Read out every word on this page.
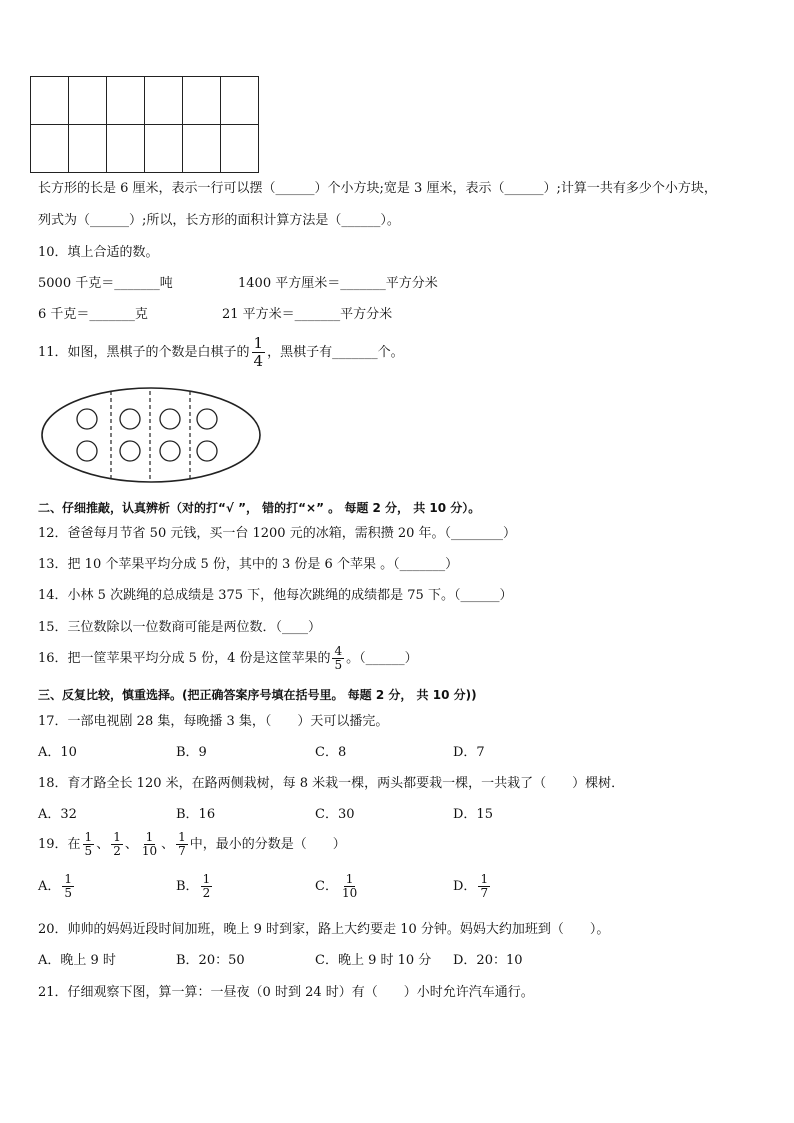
长方形的长是 6 厘米，表示一行可以摆（______）个小方块;宽是 3 厘米，表示（______）;计算一共有多少个小方块，
列式为（______）;所以，长方形的面积计算方法是（______）。
10．填上合适的数。
5000 千克＝_______吨	1400 平方厘米＝_______平方分米
6 千克＝_______克	21 平方米＝_______平方分米
11．如图，黑棋子的个数是白棋子的 $\frac{1}{4}$ ，黑棋子有_______个。
二、仔细推敲，认真辨析（对的打“√ ”， 错的打“×” 。 每题 2 分， 共 10 分）。
12．爸爸每月节省 50 元钱，买一台 1200 元的冰箱，需积攒 20 年。（________）
13．把 10 个苹果平均分成 5 份，其中的 3 份是 6 个苹果 。（_______）
14．小林 5 次跳绳的总成绩是 375 下，他每次跳绳的成绩都是 75 下。（______）
15．三位数除以一位数商可能是两位数．（____）
16．把一筐苹果平均分成 5 份，4 份是这筐苹果的 $\frac{4}{5}$ 。（______）
三、反复比较，慎重选择。(把正确答案序号填在括号里。 每题 2 分， 共 10 分))
17．一部电视剧 28 集，每晚播 3 集，（　　）天可以播完。
A．10	B．9	C．8	D．7
18．育才路全长 120 米，在路两侧栽树，每 8 米栽一棵，两头都要栽一棵，一共栽了（　　）棵树．
A．32	B．16	C．30	D．15
19．在 $\frac{1}{5}$ 、 $\frac{1}{2}$ 、 $\frac{1}{10}$ 、 $\frac{1}{7}$ 中，最小的分数是（　　）
A． $\frac{1}{5}$	B． $\frac{1}{2}$	C． $\frac{1}{10}$	D． $\frac{1}{7}$
20．帅帅的妈妈近段时间加班，晚上 9 时到家，路上大约要走 10 分钟。妈妈大约加班到（　　）。
A．晚上 9 时	B．20：50	C．晚上 9 时 10 分 D．20：10
21．仔细观察下图，算一算：一昼夜（0 时到 24 时）有（　　）小时允许汽车通行。
